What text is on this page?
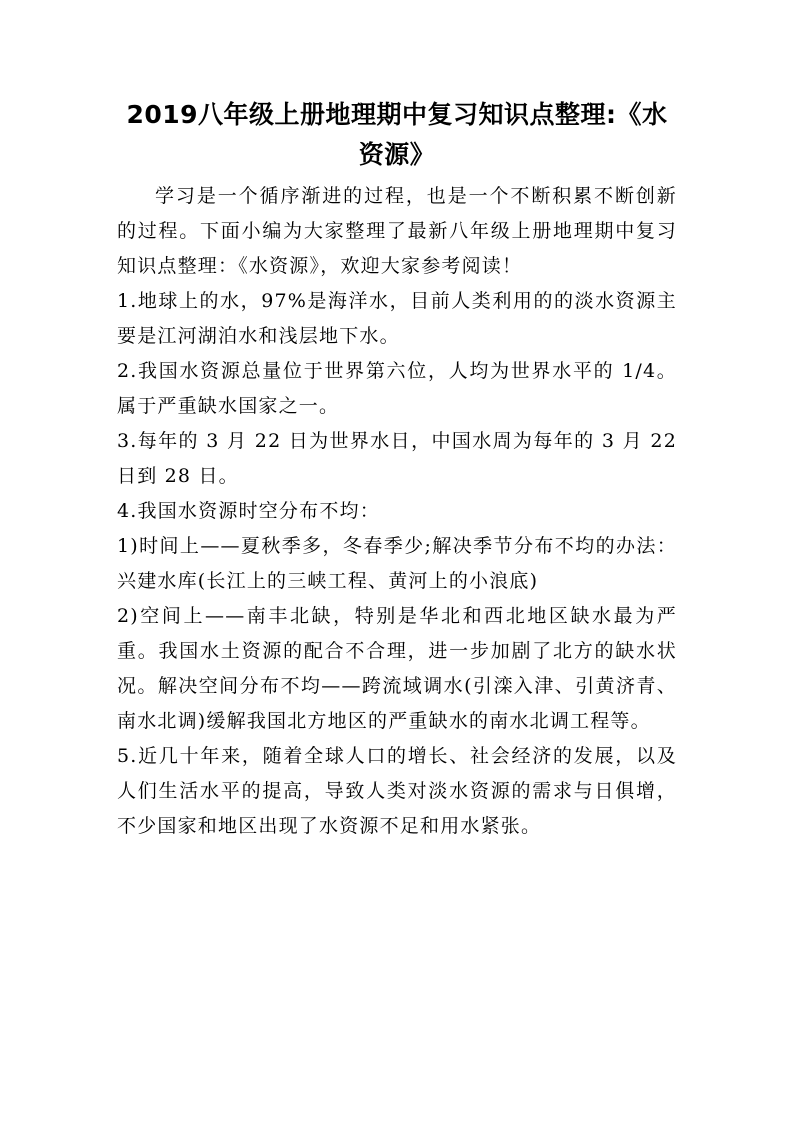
2019八年级上册地理期中复习知识点整理:《水资源》

学习是一个循序渐进的过程，也是一个不断积累不断创新的过程。下面小编为大家整理了最新八年级上册地理期中复习知识点整理：《水资源》，欢迎大家参考阅读！

1.地球上的水，97%是海洋水，目前人类利用的的淡水资源主要是江河湖泊水和浅层地下水。

2.我国水资源总量位于世界第六位，人均为世界水平的 1/4。属于严重缺水国家之一。

3.每年的 3 月 22 日为世界水日，中国水周为每年的 3 月 22 日到 28 日。

4.我国水资源时空分布不均：

1)时间上——夏秋季多，冬春季少;解决季节分布不均的办法：兴建水库(长江上的三峡工程、黄河上的小浪底)

2)空间上——南丰北缺，特别是华北和西北地区缺水最为严重。我国水土资源的配合不合理，进一步加剧了北方的缺水状况。解决空间分布不均——跨流域调水(引滦入津、引黄济青、南水北调)缓解我国北方地区的严重缺水的南水北调工程等。

5.近几十年来，随着全球人口的增长、社会经济的发展，以及人们生活水平的提高，导致人类对淡水资源的需求与日俱增，不少国家和地区出现了水资源不足和用水紧张。
